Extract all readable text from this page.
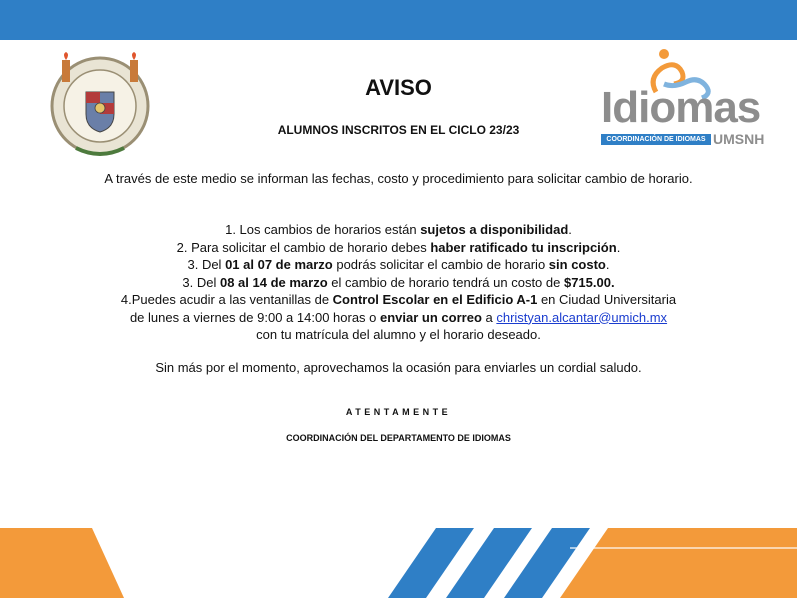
Idiomas
COORDINACIÓN DE IDIOMAS UMSNH
AVISO
ALUMNOS INSCRITOS EN EL CICLO 23/23
A través de este medio se informan las fechas, costo y procedimiento para solicitar cambio de horario.
1. Los cambios de horarios están sujetos a disponibilidad.
2. Para solicitar el cambio de horario debes haber ratificado tu inscripción.
3. Del 01 al 07 de marzo podrás solicitar el cambio de horario sin costo.
3. Del 08 al 14 de marzo el cambio de horario tendrá un costo de $715.00.
4.Puedes acudir a las ventanillas de Control Escolar en el Edificio A-1 en Ciudad Universitaria
de lunes a viernes de 9:00 a 14:00 horas o enviar un correo a christyan.alcantar@umich.mx
con tu matrícula del alumno y el horario deseado.
Sin más por el momento, aprovechamos la ocasión para enviarles un cordial saludo.
ATENTAMENTE
COORDINACIÓN DEL DEPARTAMENTO DE IDIOMAS
